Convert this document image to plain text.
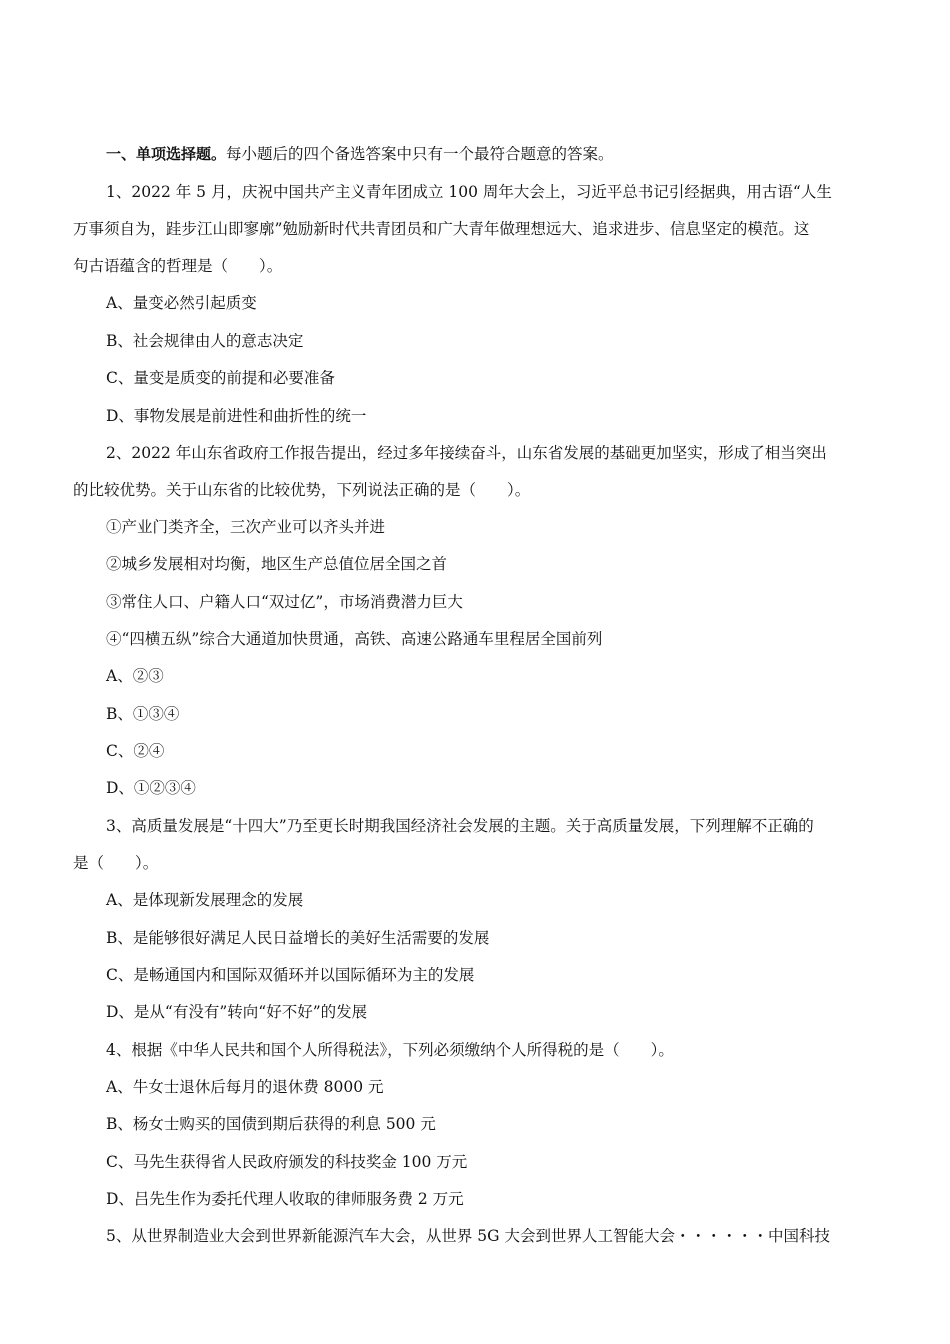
一、单项选择题。每小题后的四个备选答案中只有一个最符合题意的答案。
1、2022 年 5 月，庆祝中国共产主义青年团成立 100 周年大会上，习近平总书记引经据典，用古语“人生
万事须自为，跬步江山即寥廓”勉励新时代共青团员和广大青年做理想远大、追求进步、信息坚定的模范。这
句古语蕴含的哲理是（　　）。
A、量变必然引起质变
B、社会规律由人的意志决定
C、量变是质变的前提和必要准备
D、事物发展是前进性和曲折性的统一
2、2022 年山东省政府工作报告提出，经过多年接续奋斗，山东省发展的基础更加坚实，形成了相当突出
的比较优势。关于山东省的比较优势，下列说法正确的是（　　）。
①产业门类齐全，三次产业可以齐头并进
②城乡发展相对均衡，地区生产总值位居全国之首
③常住人口、户籍人口“双过亿”，市场消费潜力巨大
④“四横五纵”综合大通道加快贯通，高铁、高速公路通车里程居全国前列
A、②③
B、①③④
C、②④
D、①②③④
3、高质量发展是“十四大”乃至更长时期我国经济社会发展的主题。关于高质量发展，下列理解不正确的
是（　　）。
A、是体现新发展理念的发展
B、是能够很好满足人民日益增长的美好生活需要的发展
C、是畅通国内和国际双循环并以国际循环为主的发展
D、是从“有没有”转向“好不好”的发展
4、根据《中华人民共和国个人所得税法》，下列必须缴纳个人所得税的是（　　）。
A、牛女士退休后每月的退休费 8000 元
B、杨女士购买的国债到期后获得的利息 500 元
C、马先生获得省人民政府颁发的科技奖金 100 万元
D、吕先生作为委托代理人收取的律师服务费 2 万元
5、从世界制造业大会到世界新能源汽车大会，从世界 5G 大会到世界人工智能大会・・・・・・中国科技
